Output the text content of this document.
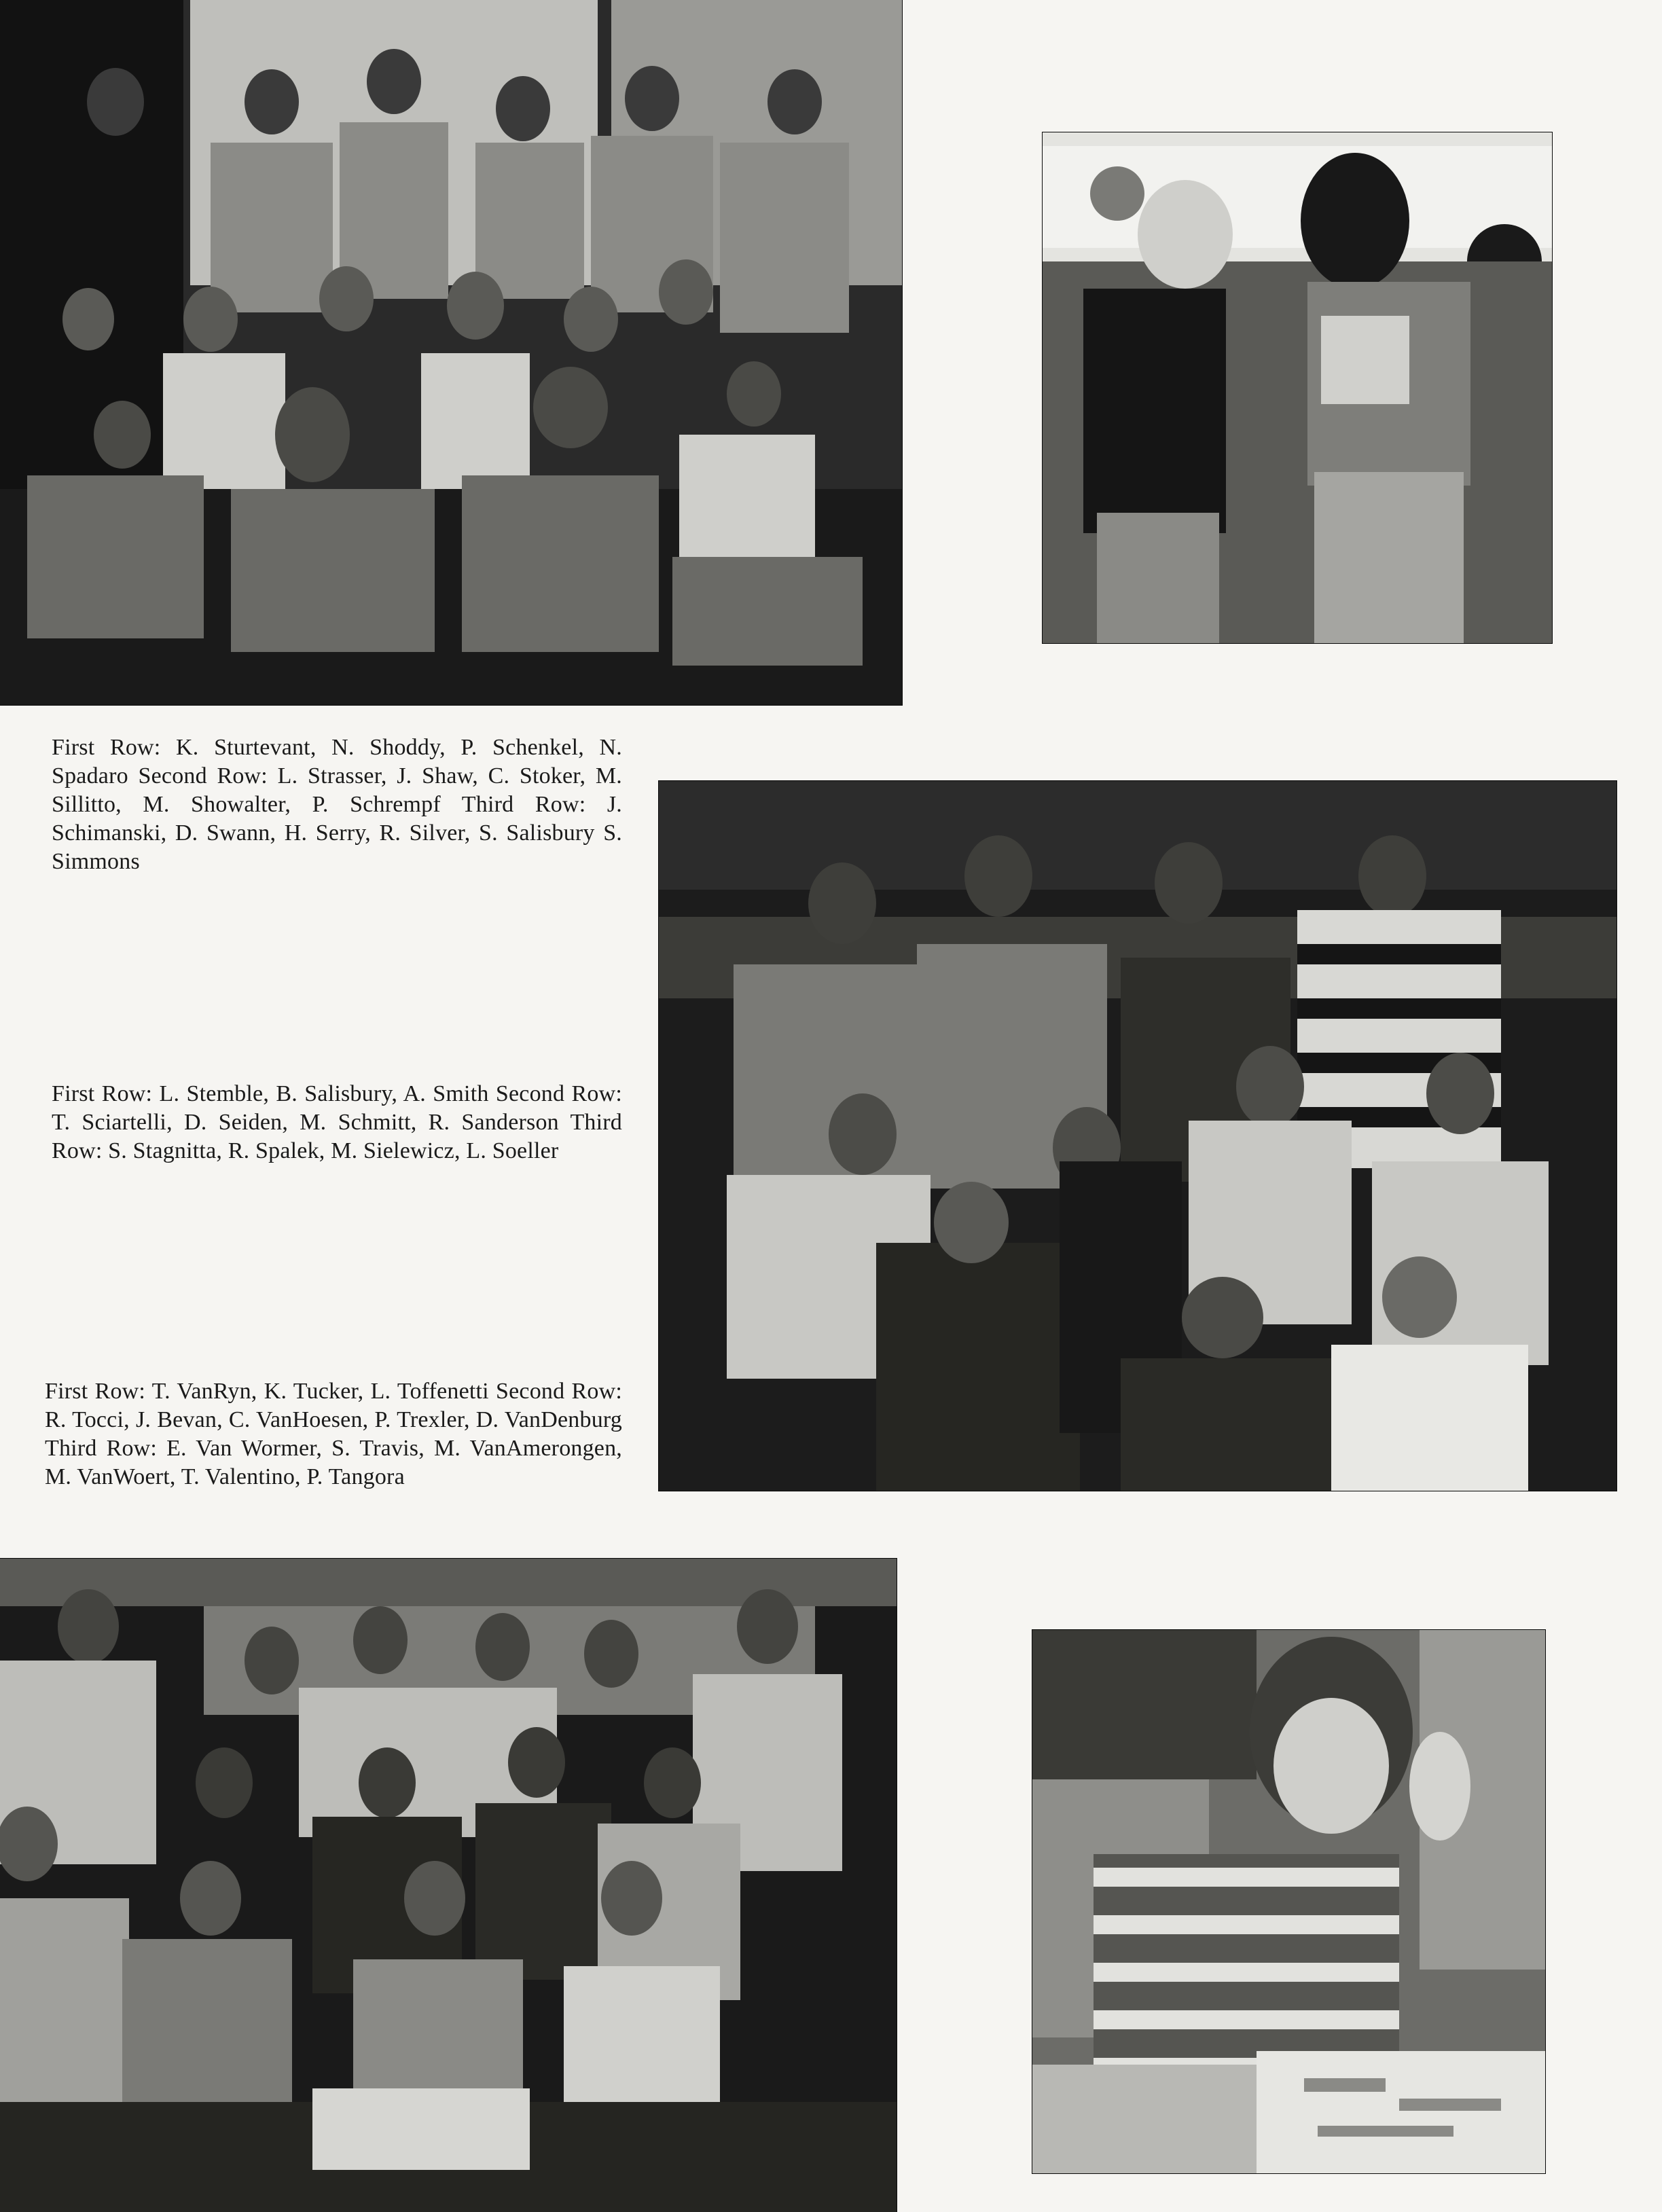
First Row: K. Sturtevant, N. Shoddy, P. Schenkel, N. Spadaro Second Row: L. Strasser, J. Shaw, C. Stoker, M. Sillitto, M. Showalter, P. Schrempf Third Row: J. Schimanski, D. Swann, H. Serry, R. Silver, S. Salisbury S. Simmons
First Row: L. Stemble, B. Salisbury, A. Smith Second Row: T. Sciartelli, D. Seiden, M. Schmitt, R. Sanderson Third Row: S. Stagnitta, R. Spalek, M. Sielewicz, L. Soeller
First Row: T. VanRyn, K. Tucker, L. Toffenetti Second Row: R. Tocci, J. Bevan, C. VanHoesen, P. Trexler, D. VanDenburg Third Row: E. Van Wormer, S. Travis, M. VanAmerongen, M. VanWoert, T. Valentino, P. Tangora
